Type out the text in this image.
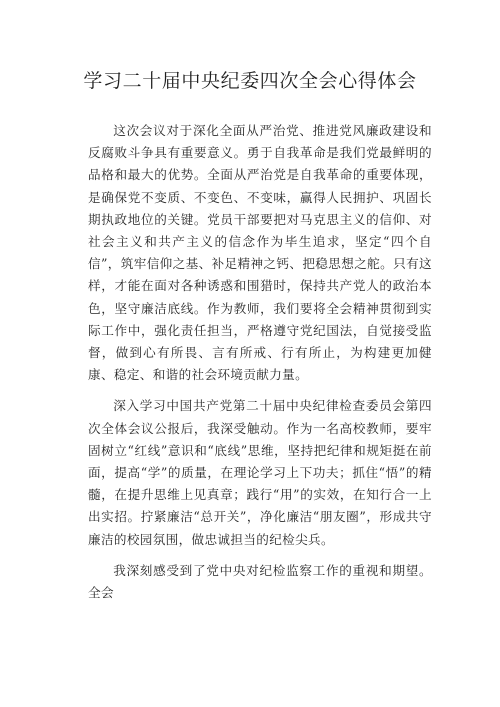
学习二十届中央纪委四次全会心得体会

这次会议对于深化全面从严治党、推进党风廉政建设和反腐败斗争具有重要意义。勇于自我革命是我们党最鲜明的品格和最大的优势。全面从严治党是自我革命的重要体现，是确保党不变质、不变色、不变味，赢得人民拥护、巩固长期执政地位的关键。党员干部要把对马克思主义的信仰、对社会主义和共产主义的信念作为毕生追求，坚定“四个自信”，筑牢信仰之基、补足精神之钙、把稳思想之舵。只有这样，才能在面对各种诱惑和围猎时，保持共产党人的政治本色，坚守廉洁底线。作为教师，我们要将全会精神贯彻到实际工作中，强化责任担当，严格遵守党纪国法，自觉接受监督，做到心有所畏、言有所戒、行有所止，为构建更加健康、稳定、和谐的社会环境贡献力量。

深入学习中国共产党第二十届中央纪律检查委员会第四次全体会议公报后，我深受触动。作为一名高校教师，要牢固树立“红线”意识和“底线”思维，坚持把纪律和规矩挺在前面，提高“学”的质量，在理论学习上下功夫；抓住“悟”的精髓，在提升思维上见真章；践行“用”的实效，在知行合一上出实招。拧紧廉洁“总开关”，净化廉洁“朋友圈”，形成共守廉洁的校园氛围，做忠诚担当的纪检尖兵。

我深刻感受到了党中央对纪检监察工作的重视和期望。全会
